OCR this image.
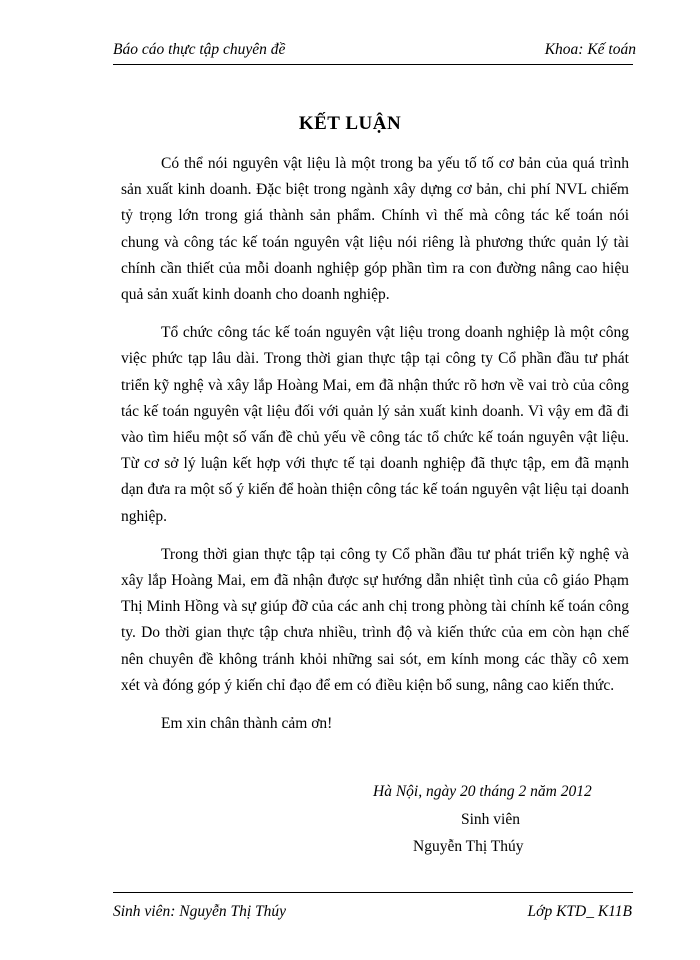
Báo cáo thực tập chuyên đề	Khoa: Kế toán
KẾT LUẬN

Có thể nói nguyên vật liệu là một trong ba yếu tố tố cơ bản của quá trình sản xuất kinh doanh. Đặc biệt trong ngành xây dựng cơ bản, chi phí NVL chiếm tỷ trọng lớn trong giá thành sản phẩm. Chính vì thế mà công tác kế toán nói chung và công tác kế toán nguyên vật liệu nói riêng là phương thức quản lý tài chính cần thiết của mỗi doanh nghiệp góp phần tìm ra con đường nâng cao hiệu quả sản xuất kinh doanh cho doanh nghiệp.

Tổ chức công tác kế toán nguyên vật liệu trong doanh nghiệp là một công việc phức tạp lâu dài. Trong thời gian thực tập tại công ty Cổ phần đầu tư phát triển kỹ nghệ và xây lắp Hoàng Mai, em đã nhận thức rõ hơn về vai trò của công tác kế toán nguyên vật liệu đối với quản lý sản xuất kinh doanh. Vì vậy em đã đi vào tìm hiểu một số vấn đề chủ yếu về công tác tổ chức kế toán nguyên vật liệu. Từ cơ sở lý luận kết hợp với thực tế tại doanh nghiệp đã thực tập, em đã mạnh dạn đưa ra một số ý kiến để hoàn thiện công tác kế toán nguyên vật liệu tại doanh nghiệp.

Trong thời gian thực tập tại công ty Cổ phần đầu tư phát triển kỹ nghệ và xây lắp Hoàng Mai, em đã nhận được sự hướng dẫn nhiệt tình của cô giáo Phạm Thị Minh Hồng và sự giúp đỡ của các anh chị trong phòng tài chính kế toán công ty. Do thời gian thực tập chưa nhiều, trình độ và kiến thức của em còn hạn chế nên chuyên đề không tránh khỏi những sai sót, em kính mong các thầy cô xem xét và đóng góp ý kiến chỉ đạo để em có điều kiện bổ sung, nâng cao kiến thức.

Em xin chân thành cảm ơn!

Hà Nội, ngày 20 tháng 2 năm 2012
Sinh viên
Nguyễn Thị Thúy
Sinh viên: Nguyễn Thị Thúy	Lớp KTD_ K11B
